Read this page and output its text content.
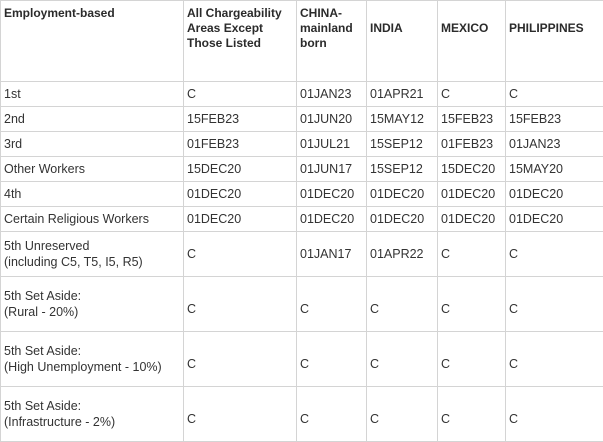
Employment-based	All Chargeability Areas Except Those Listed	CHINA-mainland born	INDIA	MEXICO	PHILIPPINES
1st	C	01JAN23	01APR21	C	C
2nd	15FEB23	01JUN20	15MAY12	15FEB23	15FEB23
3rd	01FEB23	01JUL21	15SEP12	01FEB23	01JAN23
Other Workers	15DEC20	01JUN17	15SEP12	15DEC20	15MAY20
4th	01DEC20	01DEC20	01DEC20	01DEC20	01DEC20
Certain Religious Workers	01DEC20	01DEC20	01DEC20	01DEC20	01DEC20
5th Unreserved
(including C5, T5, I5, R5)	C	01JAN17	01APR22	C	C
5th Set Aside:
(Rural - 20%)	C	C	C	C	C
5th Set Aside:
(High Unemployment - 10%)	C	C	C	C	C
5th Set Aside:
(Infrastructure - 2%)	C	C	C	C	C
